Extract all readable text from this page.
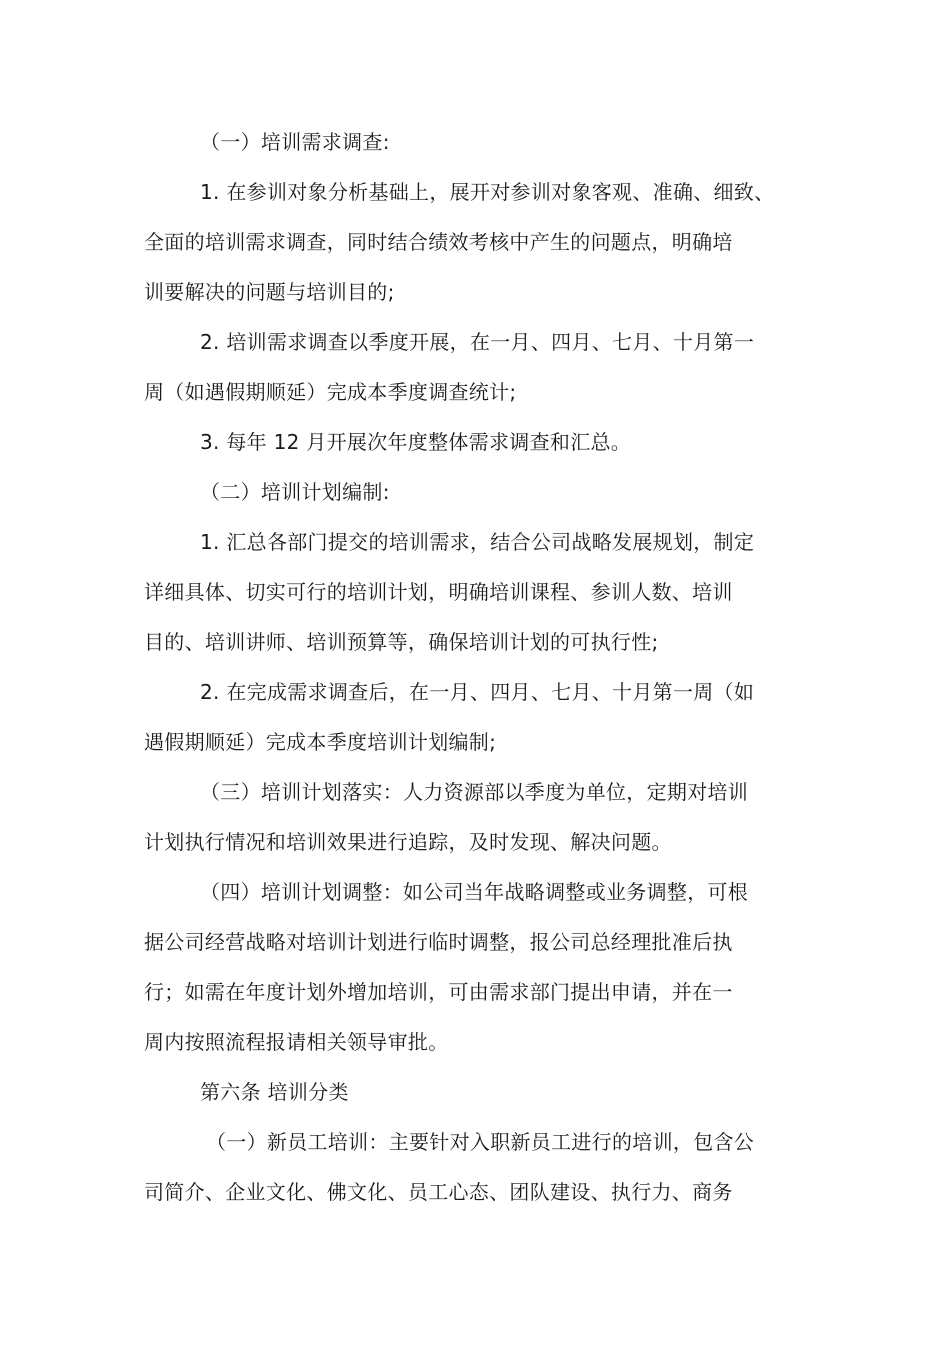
（一）培训需求调查:
1. 在参训对象分析基础上，展开对参训对象客观、准确、细致、
全面的培训需求调查，同时结合绩效考核中产生的问题点，明确培
训要解决的问题与培训目的;
2. 培训需求调查以季度开展，在一月、四月、七月、十月第一
周（如遇假期顺延）完成本季度调查统计;
3. 每年 12 月开展次年度整体需求调查和汇总。
（二）培训计划编制:
1. 汇总各部门提交的培训需求，结合公司战略发展规划，制定
详细具体、切实可行的培训计划，明确培训课程、参训人数、培训
目的、培训讲师、培训预算等，确保培训计划的可执行性;
2. 在完成需求调查后，在一月、四月、七月、十月第一周（如
遇假期顺延）完成本季度培训计划编制;
（三）培训计划落实：人力资源部以季度为单位，定期对培训
计划执行情况和培训效果进行追踪，及时发现、解决问题。
（四）培训计划调整：如公司当年战略调整或业务调整，可根
据公司经营战略对培训计划进行临时调整，报公司总经理批准后执
行；如需在年度计划外增加培训，可由需求部门提出申请，并在一
周内按照流程报请相关领导审批。
第六条 培训分类
（一）新员工培训：主要针对入职新员工进行的培训，包含公
司简介、企业文化、佛文化、员工心态、团队建设、执行力、商务
